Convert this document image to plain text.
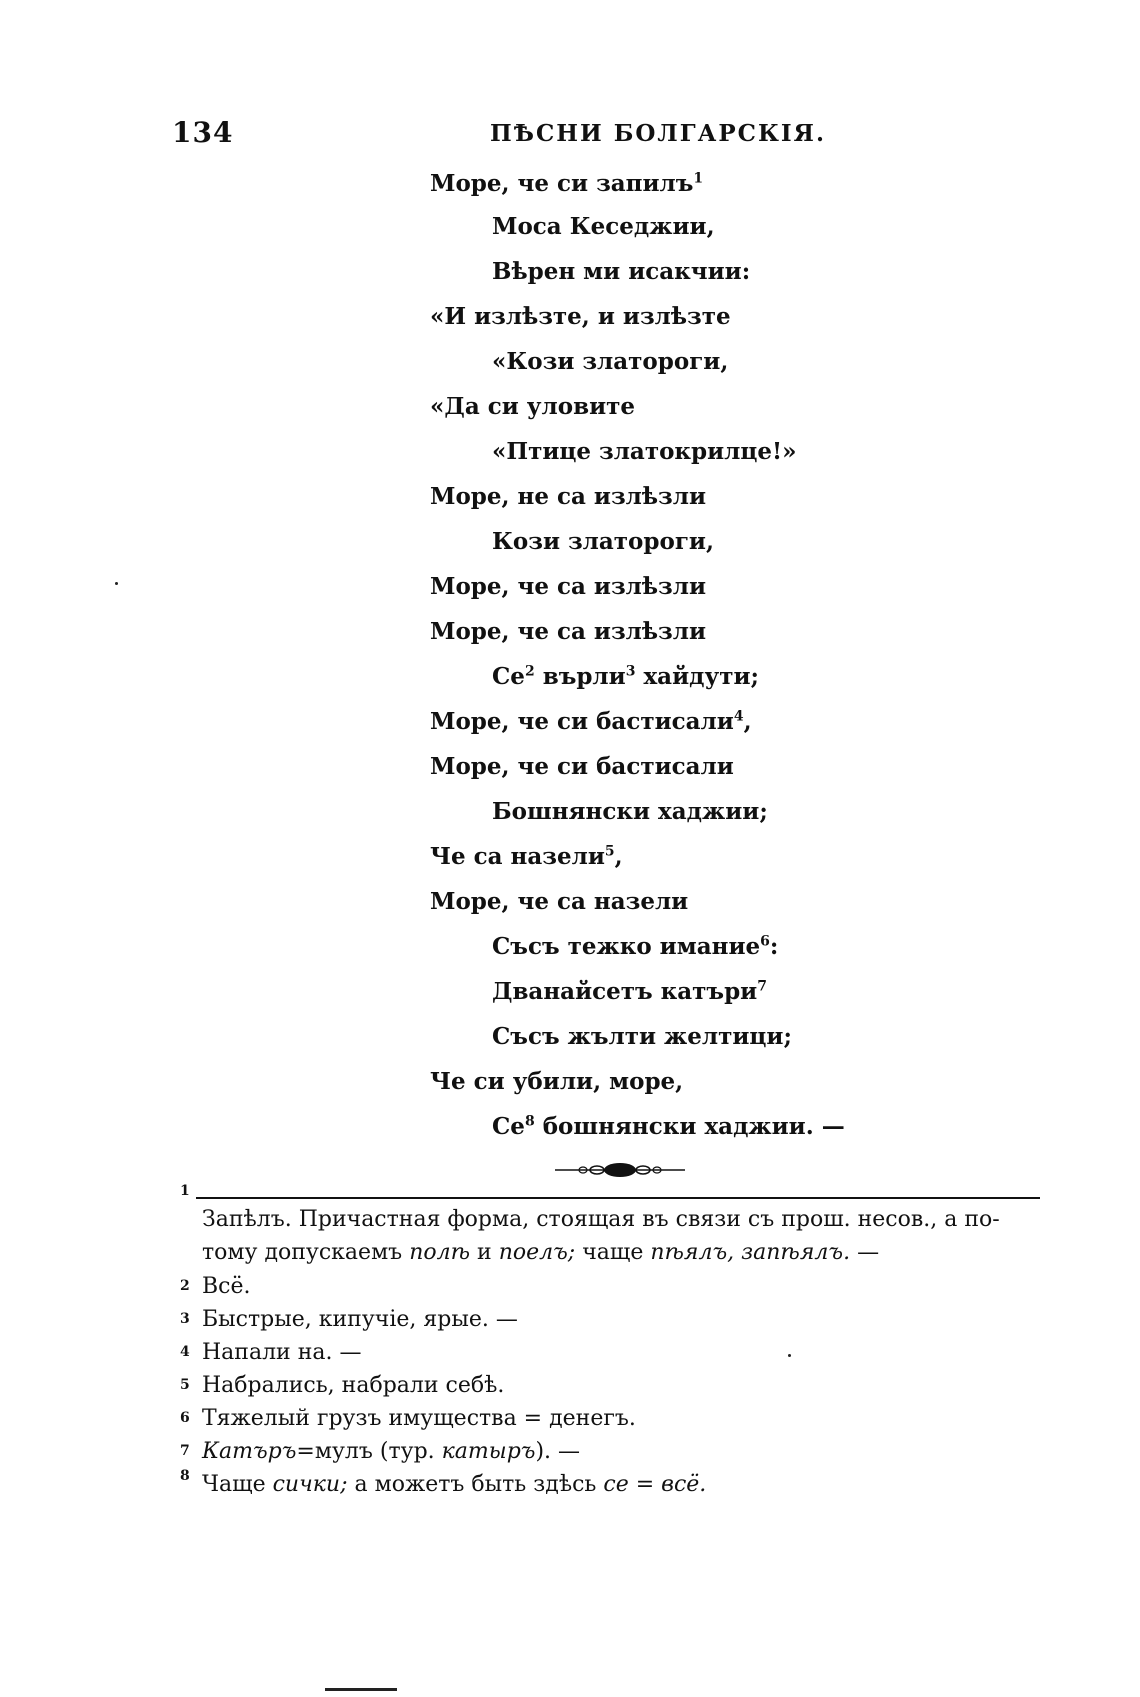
134	ПѢСНИ БОЛГАРСКІЯ.
Море, че си запилъ$^1$
Моса Кеседжии,
Вѣрен ми исакчии:
«И излѣзте, и излѣзте
«Кози златороги,
«Да си уловите
«Птице златокрилце!»
Море, не са излѣзли
Кози златороги,
Море, че са излѣзли
Море, че са излѣзли
$Се^2$ върли$^3$ хайдути;
Море, че си бастисали$^4$,
Море, че си бастисали
Бошнянски хаджии;
Че са назели$^5$,
Море, че са назели
Съсъ тежко имание$^6$:
Дванайсетъ катъри$^7$
Съсъ жълти желтици;
Че си убили, море,
$Се^8$ бошнянски хаджии. —
1
Запѣлъ. Причастная форма, стоящая въ связи съ прош. несов., а по-
тому допускаемъ полѣ и поелъ; чаще пѣялъ, запѣялъ. —
2 Всё.
3 Быстрые, кипучіе, ярые. —
4 Напали на. —
5 Набрались, набрали себѣ.
6 Тяжелый грузъ имущества = денегъ.
7 Катъръ=мулъ (тур. катыръ). —
8 Чаще сички; а можетъ быть здѣсь се = всё.
